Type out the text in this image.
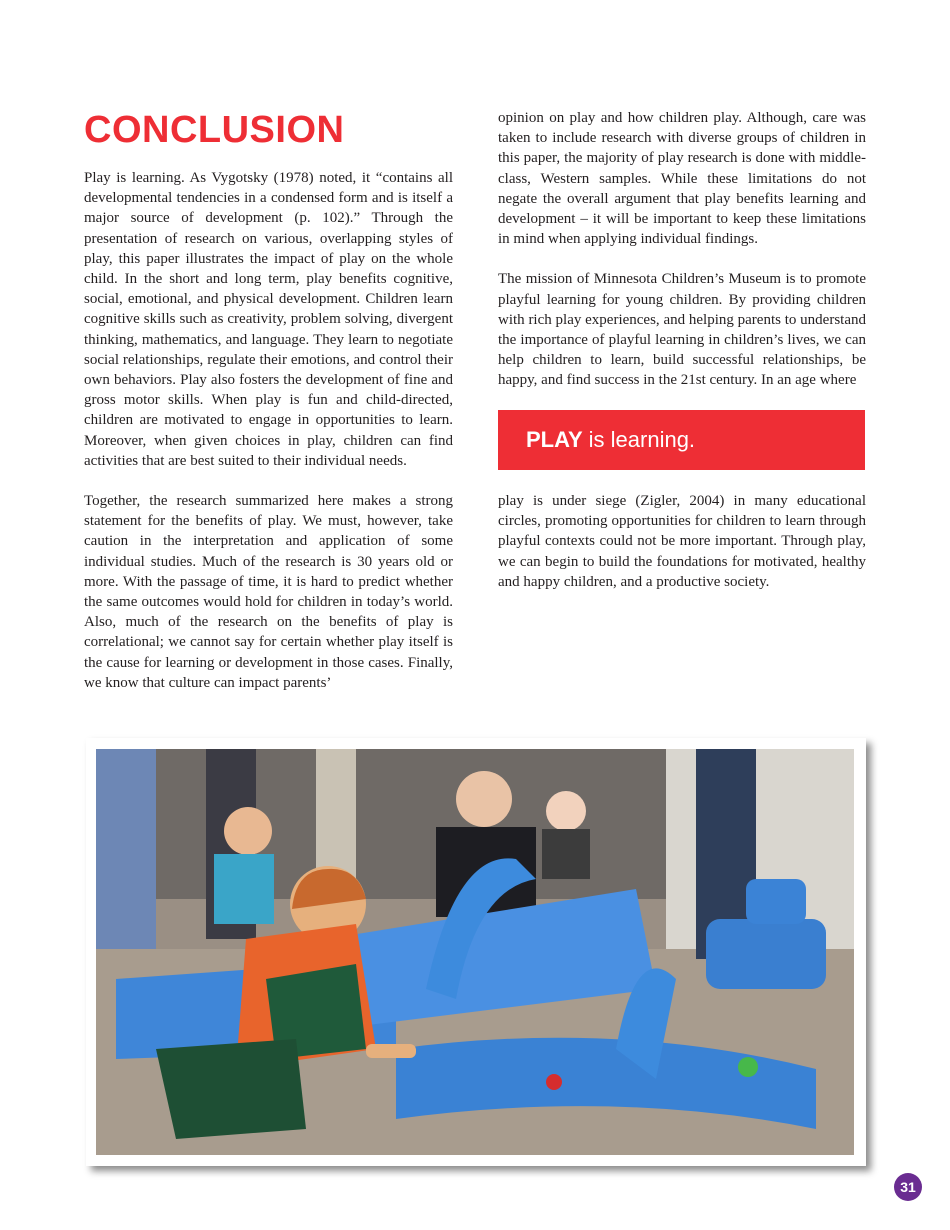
CONCLUSION

Play is learning. As Vygotsky (1978) noted, it “contains all developmental tendencies in a condensed form and is itself a major source of development (p. 102).” Through the presentation of research on various, overlapping styles of play, this paper illustrates the impact of play on the whole child. In the short and long term, play benefits cognitive, social, emotional, and physical development. Children learn cognitive skills such as creativity, problem solving, divergent thinking, mathematics, and language. They learn to negotiate social relationships, regulate their emotions, and control their own behaviors. Play also fosters the development of fine and gross motor skills. When play is fun and child-directed, children are motivated to engage in opportunities to learn. Moreover, when given choices in play, children can find activities that are best suited to their individual needs.

Together, the research summarized here makes a strong statement for the benefits of play. We must, however, take caution in the interpretation and application of some individual studies. Much of the research is 30 years old or more. With the passage of time, it is hard to predict whether the same outcomes would hold for children in today’s world. Also, much of the research on the benefits of play is correlational; we cannot say for certain whether play itself is the cause for learning or development in those cases. Finally, we know that culture can impact parents’

opinion on play and how children play. Although, care was taken to include research with diverse groups of children in this paper, the majority of play research is done with middle-class, Western samples. While these limitations do not negate the overall argument that play benefits learning and development – it will be important to keep these limitations in mind when applying individual findings.

The mission of Minnesota Children’s Museum is to promote playful learning for young children. By providing children with rich play experiences, and helping parents to understand the importance of playful learning in children’s lives, we can help children to learn, build successful relationships, be happy, and find success in the 21st century. In an age where

PLAY is learning.

play is under siege (Zigler, 2004) in many educational circles, promoting opportunities for children to learn through playful contexts could not be more important. Through play, we can begin to build the foundations for motivated, healthy and happy children, and a productive society.

31
